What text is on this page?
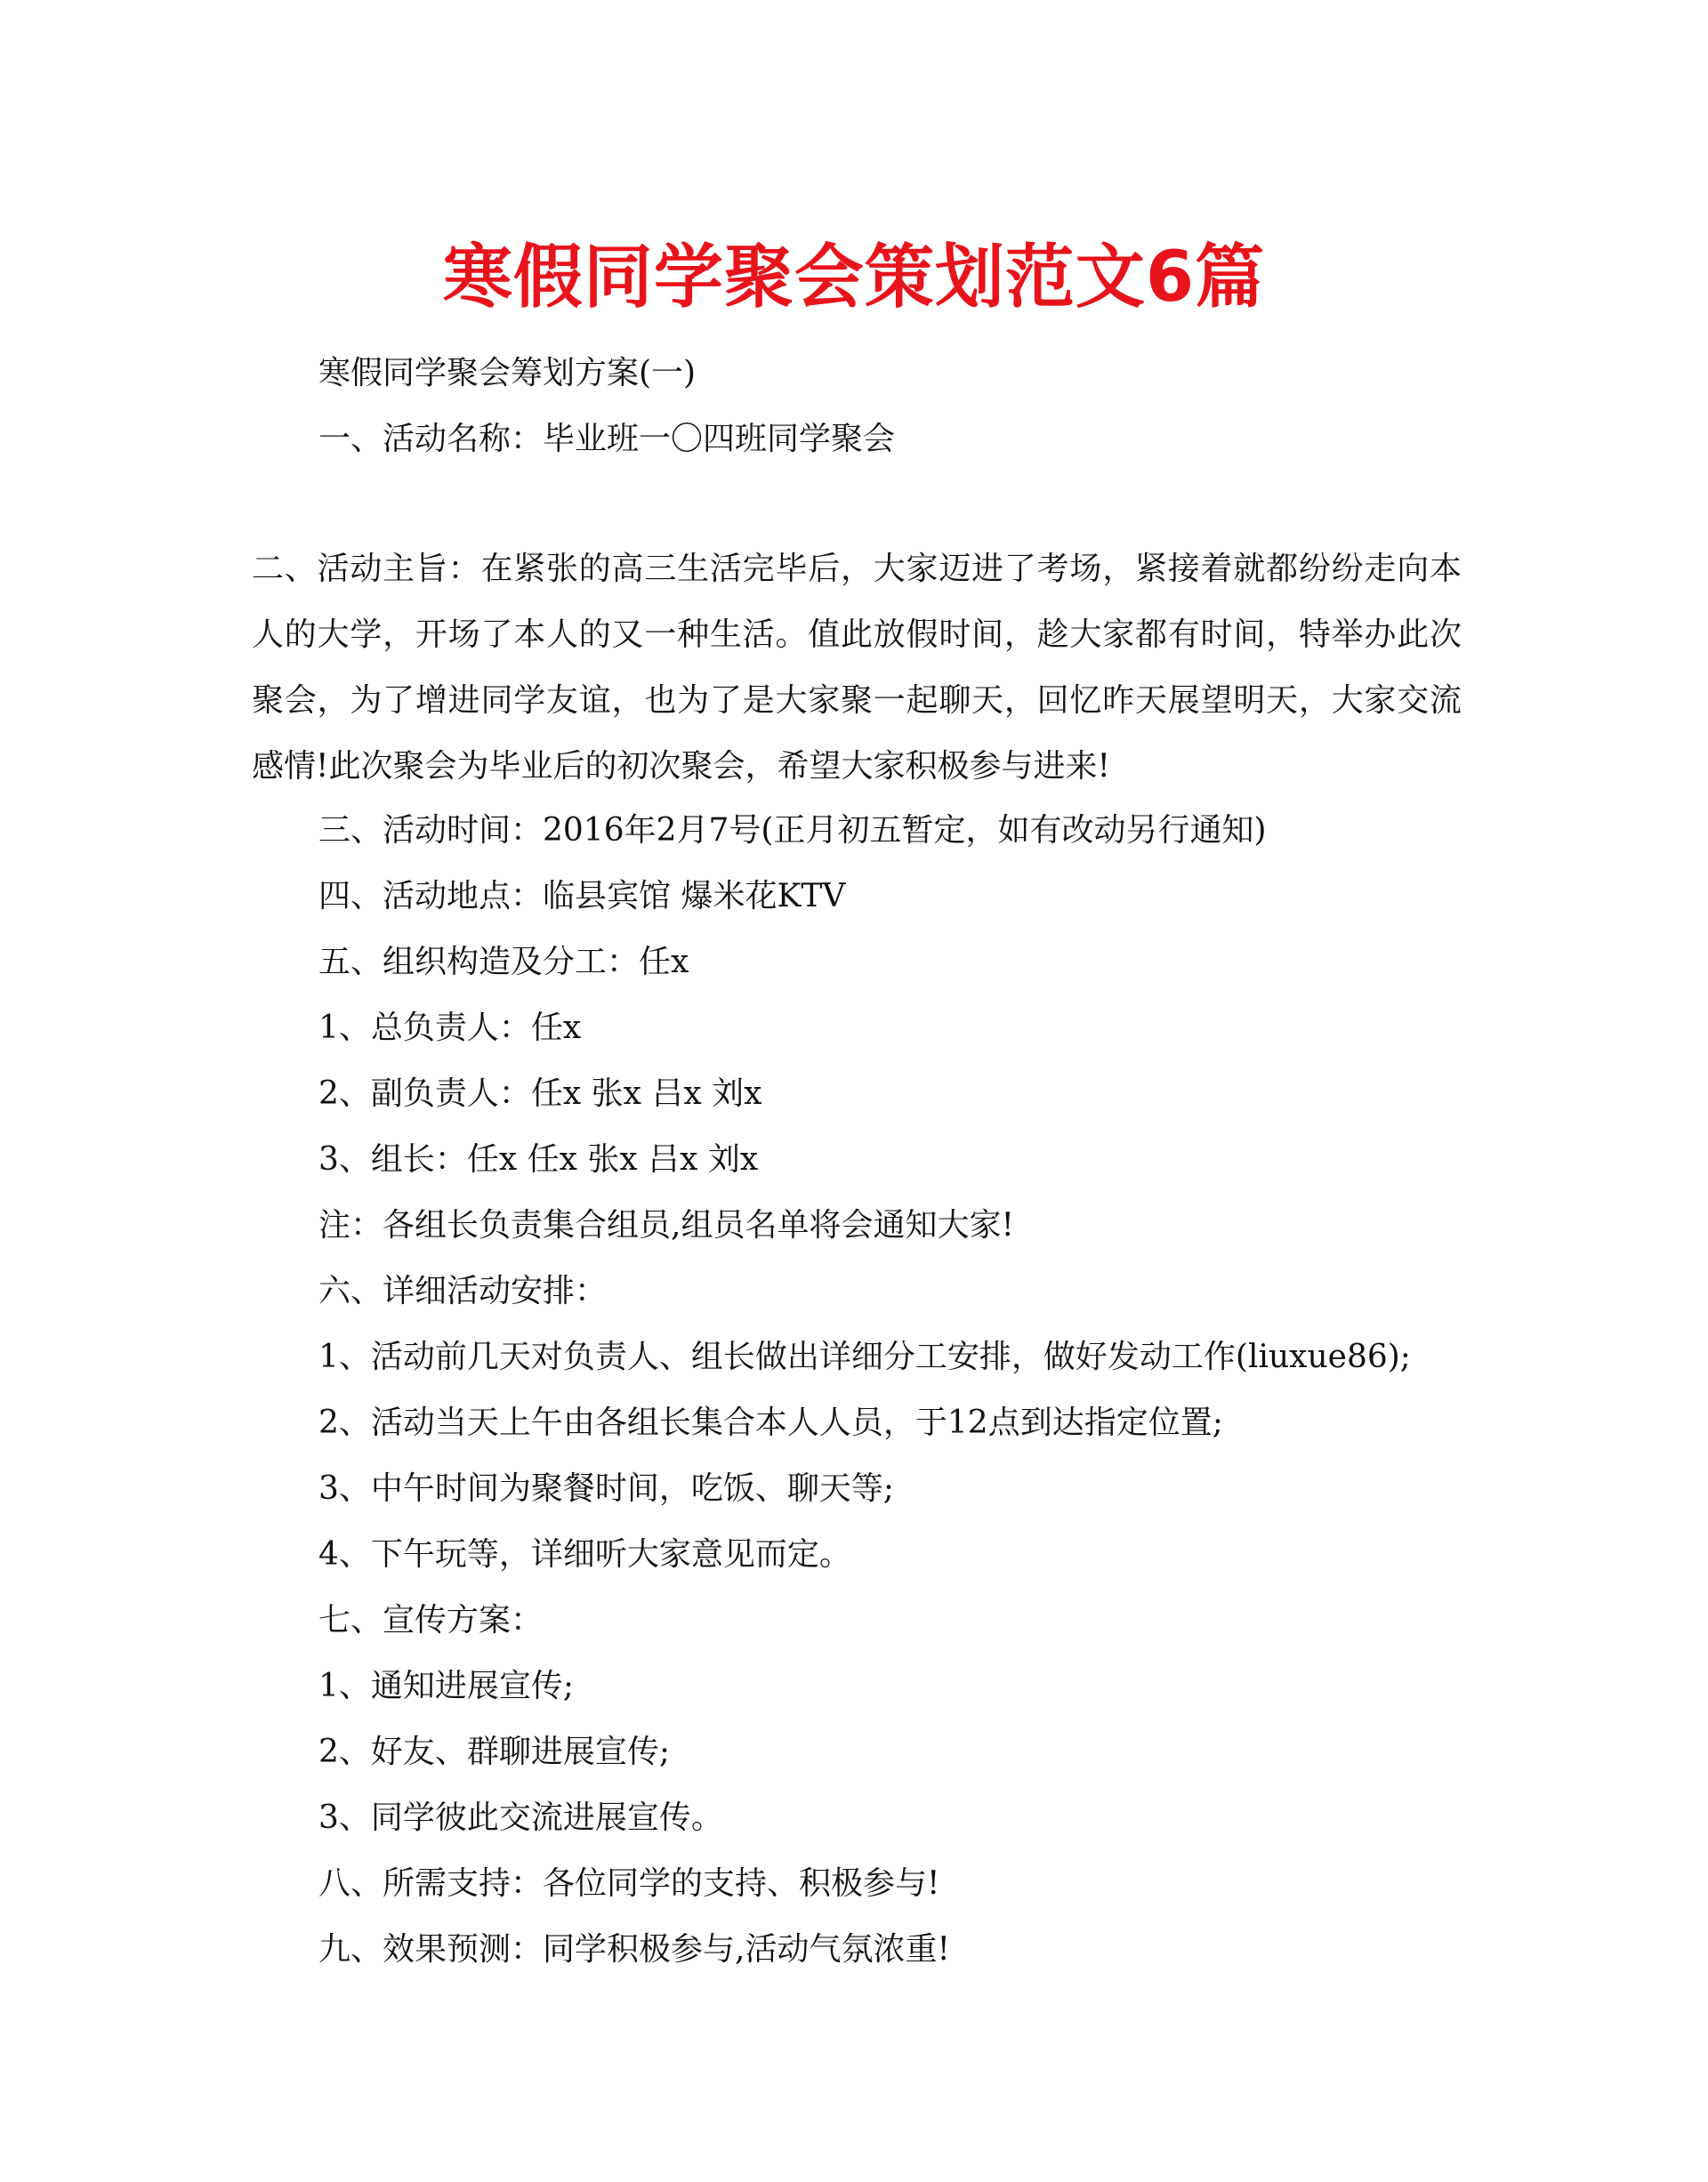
寒假同学聚会策划范文6篇

寒假同学聚会筹划方案(一)

一、活动名称：毕业班一〇四班同学聚会

二、活动主旨：在紧张的高三生活完毕后，大家迈进了考场，紧接着就都纷纷走向本人的大学，开场了本人的又一种生活。值此放假时间，趁大家都有时间，特举办此次聚会，为了增进同学友谊，也为了是大家聚一起聊天，回忆昨天展望明天，大家交流感情!此次聚会为毕业后的初次聚会，希望大家积极参与进来!

三、活动时间：2016年2月7号(正月初五暂定，如有改动另行通知)

四、活动地点：临县宾馆 爆米花KTV

五、组织构造及分工：任x

1、总负责人：任x

2、副负责人：任x 张x 吕x 刘x

3、组长：任x 任x 张x 吕x 刘x

注：各组长负责集合组员,组员名单将会通知大家!

六、详细活动安排：

1、活动前几天对负责人、组长做出详细分工安排，做好发动工作(liuxue86);

2、活动当天上午由各组长集合本人人员，于12点到达指定位置;

3、中午时间为聚餐时间，吃饭、聊天等;

4、下午玩等，详细听大家意见而定。

七、宣传方案：

1、通知进展宣传;

2、好友、群聊进展宣传;

3、同学彼此交流进展宣传。

八、所需支持：各位同学的支持、积极参与!

九、效果预测：同学积极参与,活动气氛浓重!
